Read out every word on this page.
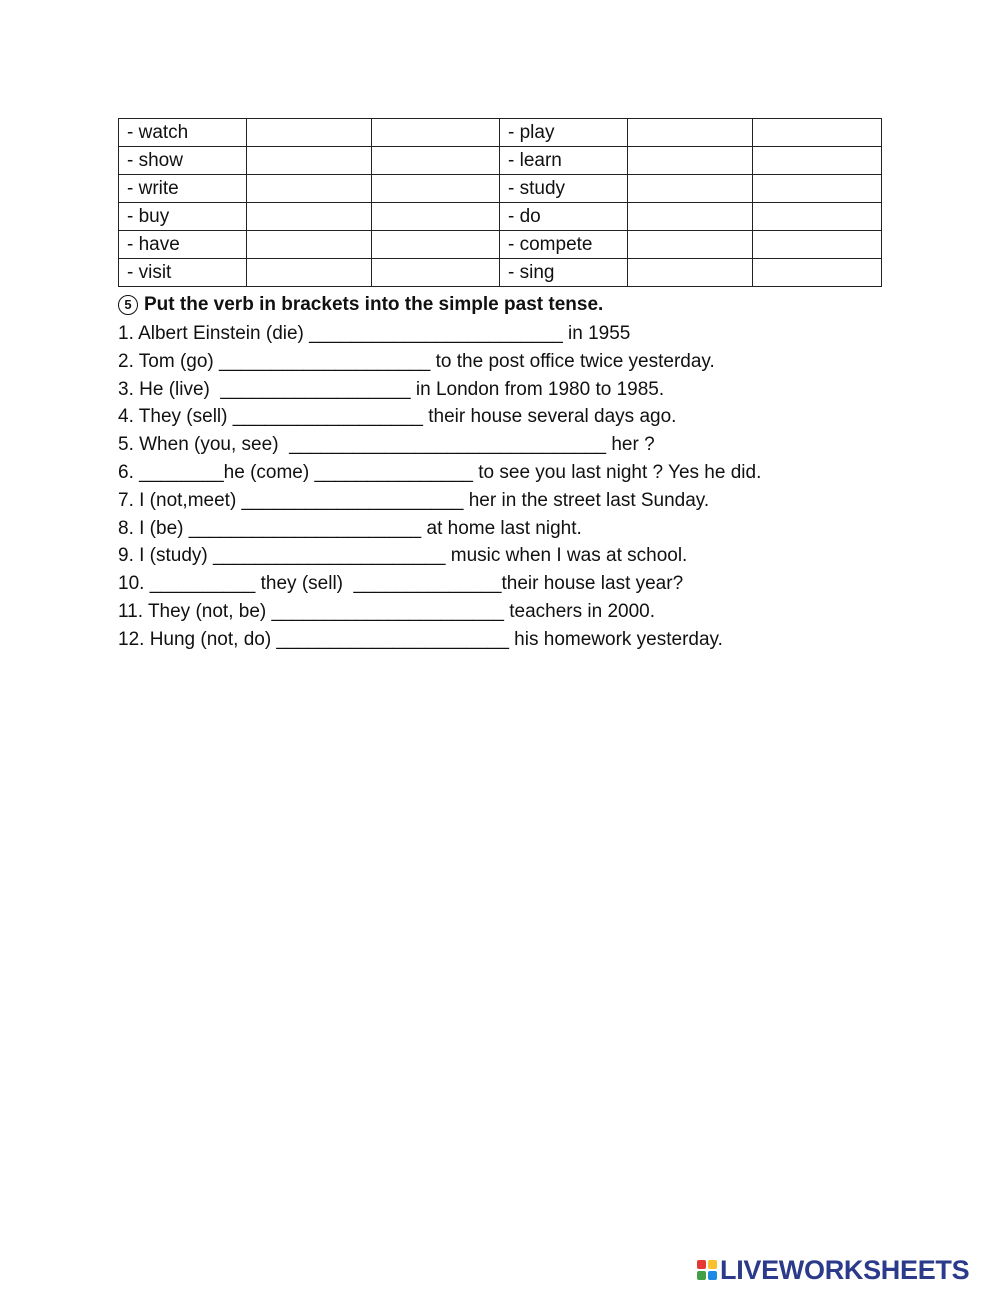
- watch			- play		
- show			- learn		
- write			- study		
- buy			- do		
- have			- compete		
- visit			- sing		
5 Put the verb in brackets into the simple past tense.
1. Albert Einstein (die) ________________________ in 1955
2. Tom (go) ____________________ to the post office twice yesterday.
3. He (live)  __________________ in London from 1980 to 1985.
4. They (sell) __________________ their house several days ago.
5. When (you, see)  ______________________________ her ?
6. ________he (come) _______________ to see you last night ? Yes he did.
7. I (not,meet) _____________________ her in the street last Sunday.
8. I (be) ______________________ at home last night.
9. I (study) ______________________ music when I was at school.
10. __________ they (sell)  ______________their house last year?
11. They (not, be) ______________________ teachers in 2000.
12. Hung (not, do) ______________________ his homework yesterday.
LIVEWORKSHEETS
